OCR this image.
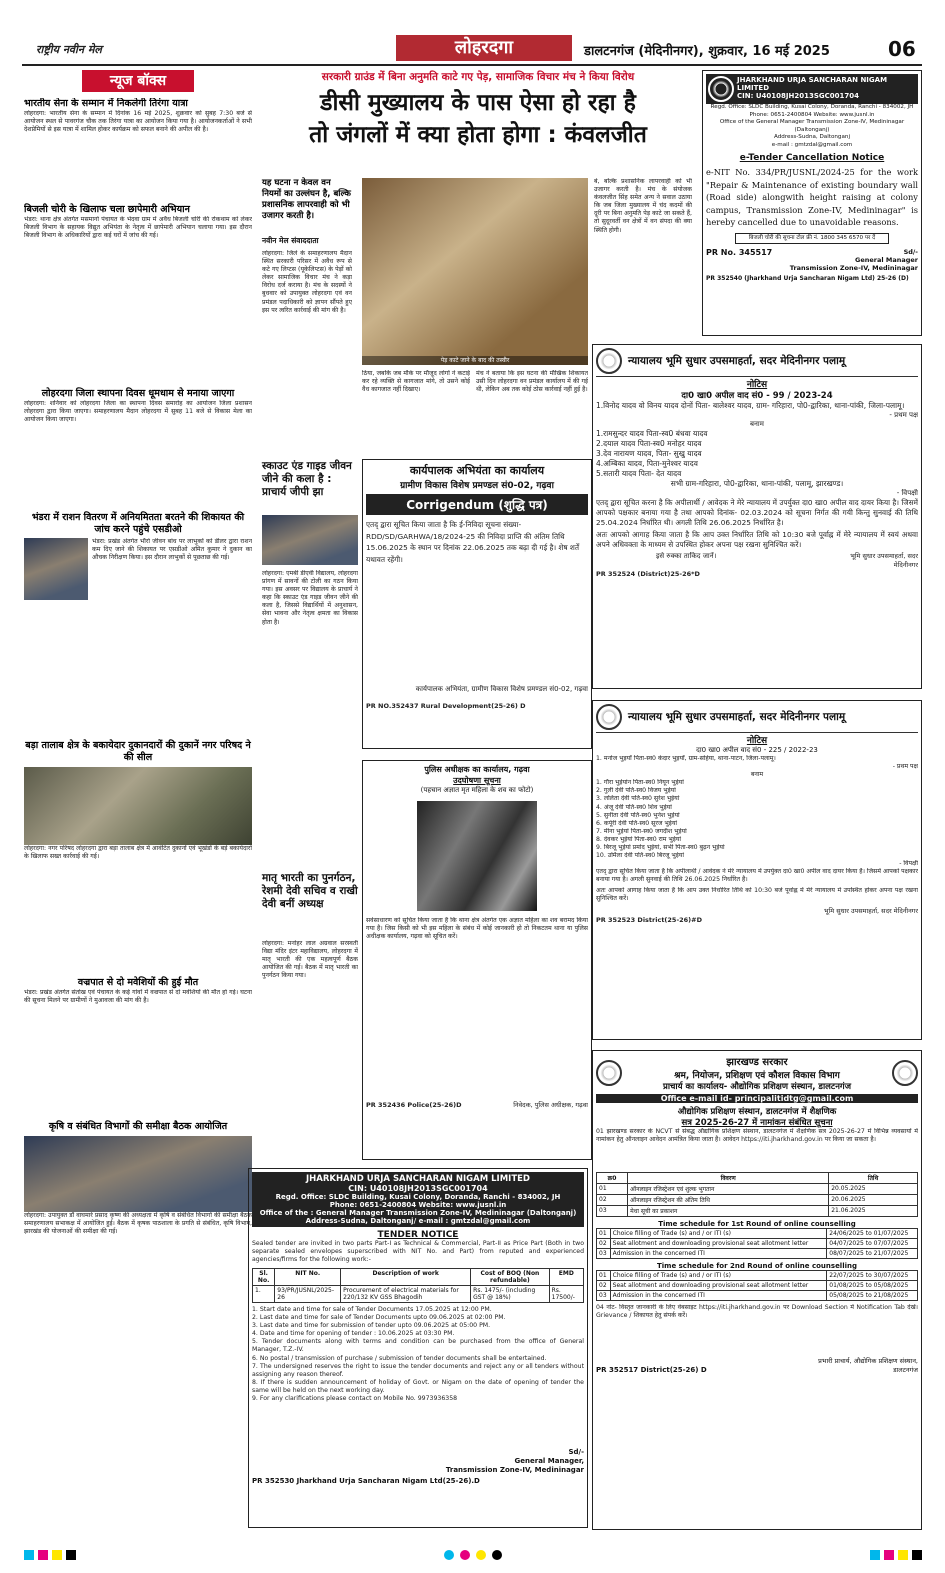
राष्ट्रीय नवीन मेल	लोहरदगा	डालटनगंज (मेदिनीनगर), शुक्रवार, 16 मई 2025	06
न्यूज बॉक्स
भारतीय सेना के सम्मान में निकलेगी तिरंगा यात्रा
लोहरदगा: भारतीय सेना के सम्मान में दिनांक 16 मई 2025, शुक्रवार को सुबह 7:30 बजे से आयोजन स्थल से पावरगंज चौक तक तिरंगा यात्रा का आयोजन किया गया है। आयोजनकर्ताओं ने सभी देशप्रेमियों से इस यात्रा में शामिल होकर कार्यक्रम को सफल बनाने की अपील की है।
बिजली चोरी के खिलाफ चला छापेमारी अभियान
भंडरा: थाना क्षेत्र अंतर्गत मसमानो पंचायत के भेदवा ग्राम में अवैध बिजली चोरी की रोकथाम को लेकर बिजली विभाग के सहायक विद्युत अभियंता के नेतृत्व में छापेमारी अभियान चलाया गया। इस दौरान बिजली विभाग के अधिकारियों द्वारा कई घरों में जांच की गई।
लोहरदगा जिला स्थापना दिवस धूमधाम से मनाया जाएगा
लोहरदगा: शनिवार को लोहरदगा जिला का स्थापना दिवस समारोह का आयोजन जिला प्रशासन लोहरदगा द्वारा किया जाएगा। समाहरणालय मैदान लोहरदगा में सुबह 11 बजे से विकास मेला का आयोजन किया जाएगा।
भंडरा में राशन वितरण में अनियमितता बरतने की शिकायत की जांच करने पहुंचे एसडीओ
भंडरा: प्रखंड अंतर्गत भौंरो जीवन बांध पर लाभुकों को डीलर द्वारा राशन कम दिए जाने की शिकायत पर एसडीओ अमित कुमार ने दुकान का औचक निरीक्षण किया। इस दौरान लाभुकों से पूछताछ की गई।
बड़ा तालाब क्षेत्र के बकायेदार दुकानदारों की दुकानें नगर परिषद ने की सील
लोहरदगा: नगर परिषद लोहरदगा द्वारा बड़ा तालाब क्षेत्र में आवंटित दुकानों एवं भूखंडों के बड़े बकायेदारों के खिलाफ सख्त कार्रवाई की गई।
वज्रपात से दो मवेशियों की हुई मौत
भंडरा: प्रखंड अंतर्गत संतोख एवं पंचायत के कई गांवों में वज्रपात से दो मवेशियों की मौत हो गई। घटना की सूचना मिलने पर ग्रामीणों ने मुआवजा की मांग की है।
कृषि व संबंधित विभागों की समीक्षा बैठक आयोजित
लोहरदगा: उपायुक्त डॉ वाघमारे प्रसाद कृष्ण की अध्यक्षता में कृषि व संबंधित विभागों की समीक्षा बैठक समाहरणालय सभाकक्ष में आयोजित हुई। बैठक में कृषक पाठशाला के प्रगति से संबंधित, कृषि विभाग, झारखंड की योजनाओं की समीक्षा की गई।
सरकारी ग्राउंड में बिना अनुमति काटे गए पेड़, सामाजिक विचार मंच ने किया विरोध
डीसी मुख्यालय के पास ऐसा हो रहा है
तो जंगलों में क्या होता होगा : कंवलजीत
यह घटना न केवल वन नियमों का उल्लंघन है, बल्कि प्रशासनिक लापरवाही को भी उजागर करती है।
नवीन मेल संवाददाता
लोहरदगा: जिले के समाहरणालय मैदान स्थित सरकारी परिसर में अवैध रूप से कटे गए लिप्टस (यूकेलिप्टस) के पेड़ों को लेकर सामाजिक विचार मंच ने कड़ा विरोध दर्ज कराया है। मंच के सदस्यों ने बुधवार को उपायुक्त लोहरदगा एवं वन प्रमंडल पदाधिकारी को ज्ञापन सौंपते हुए इस पर त्वरित कार्रवाई की मांग की है।
पेड़ काटे जाने के बाद की तस्वीर
बे, बल्कि प्रशासनिक लापरवाही को भी उजागर करती है। मंच के संयोजक कंवलजीत सिंह समेत अन्य ने सवाल उठाया कि जब जिला मुख्यालय में चंद कदमों की दूरी पर बिना अनुमति पेड़ काटे जा सकते हैं, तो सुदूरवर्ती वन क्षेत्रों में वन संपदा की क्या स्थिति होगी।
ठिया, जबकि जब मौके पर मौजूद लोगों ने कटाई कर रहे व्यक्ति से कागजात मांगे, तो उसने कोई वैध कागजात नहीं दिखाए।
मंच ने बताया कि इस घटना की मौखिक शिकायत उसी दिन लोहरदगा वन प्रमंडल कार्यालय में की गई थी, लेकिन अब तक कोई ठोस कार्रवाई नहीं हुई है।
स्काउट एंड गाइड जीवन जीने की कला है : प्राचार्य जीपी झा
लोहरदगा: एमबी डीएवी विद्यालय, लोहरदगा प्रांगण में सावनों की टोली का गठन किया गया। इस अवसर पर विद्यालय के प्राचार्य ने कहा कि स्काउट एंड गाइड जीवन जीने की कला है, जिससे विद्यार्थियों में अनुशासन, सेवा भावना और नेतृत्व क्षमता का विकास होता है।
मातृ भारती का पुनर्गठन, रेशमी देवी सचिव व राखी देवी बनीं अध्यक्ष
लोहरदगा: मनोहर लाल अग्रवाल सरस्वती विद्या मंदिर इंटर महाविद्यालय, लोहरदगा में मातृ भारती की एक महत्वपूर्ण बैठक आयोजित की गई। बैठक में मातृ भारती का पुनर्गठन किया गया।
कार्यपालक अभियंता का कार्यालय
ग्रामीण विकास विशेष प्रमण्डल सं0-02, गढ़वा
Corrigendum (शुद्धि पत्र)
एतद् द्वारा सूचित किया जाता है कि ई-निविदा सूचना संख्या-RDD/SD/GARHWA/18/2024-25 की निविदा प्राप्ति की अंतिम तिथि 15.06.2025 के स्थान पर दिनांक 22.06.2025 तक बढ़ा दी गई है। शेष शर्तें यथावत रहेंगी।
कार्यपालक अभियंता, ग्रामीण विकास विशेष प्रमण्डल सं0-02, गढ़वा
PR NO.352437 Rural Development(25-26) D
पुलिस अधीक्षक का कार्यालय, गढ़वा
उदघोषणा सूचना
(पहचान अज्ञात मृत महिला के शव का फोटो)
सर्वसाधारण को सूचित किया जाता है कि थाना क्षेत्र अंतर्गत एक अज्ञात महिला का शव बरामद किया गया है। जिस किसी को भी इस महिला के संबंध में कोई जानकारी हो तो निकटतम थाना या पुलिस अधीक्षक कार्यालय, गढ़वा को सूचित करें।
PR 352436 Police(25-26)D	निवेदक, पुलिस अधीक्षक, गढ़वा
JHARKHAND URJA SANCHARAN NIGAM LIMITED
CIN: U40108JH2013SGC001704
Regd. Office: SLDC Building, Kusai Colony, Doranda, Ranchi - 834002, JH
Phone: 0651-2400804 Website: www.jusnl.in
Office of the : General Manager Transmission Zone-IV, Medininagar (Daltonganj)
Address-Sudna, Daltonganj/ e-mail : gmtzdal@gmail.com
TENDER NOTICE
Sealed tender are invited in two parts Part-I as Technical & Commercial, Part-II as Price Part (Both in two separate sealed envelopes superscribed with NIT No. and Part) from reputed and experienced agencies/firms for the following work:-
Sl. No.	NIT No.	Description of work	Cost of BOQ (Non refundable)	EMD
1.	93/PR/JUSNL/2025-26	Procurement of electrical materials for 220/132 KV GSS Bhagodih	Rs. 1475/- (including GST @ 18%)	Rs. 17500/-
1. Start date and time for sale of Tender Documents 17.05.2025 at 12:00 PM.
2. Last date and time for sale of Tender Documents upto 09.06.2025 at 02:00 PM.
3. Last date and time for submission of tender upto 09.06.2025 at 05:00 PM.
4. Date and time for opening of tender : 10.06.2025 at 03:30 PM.
5. Tender documents along with terms and condition can be purchased from the office of General Manager, T.Z.-IV.
6. No postal / transmission of purchase / submission of tender documents shall be entertained.
7. The undersigned reserves the right to issue the tender documents and reject any or all tenders without assigning any reason thereof.
8. If there is sudden announcement of holiday of Govt. or Nigam on the date of opening of tender the same will be held on the next working day.
9. For any clarifications please contact on Mobile No. 9973936358
Sd/-
General Manager,
Transmission Zone-IV, Medininagar
PR 352530 Jharkhand Urja Sancharan Nigam Ltd(25-26).D
JHARKHAND URJA SANCHARAN NIGAM LIMITED
CIN: U40108JH2013SGC001704
Regd. Office: SLDC Building, Kusai Colony, Doranda, Ranchi - 834002, JH
Phone: 0651-2400804 Website: www.jusnl.in
Office of the General Manager Transmission Zone-IV, Medininagar (Daltonganj)
Address-Sudna, Daltonganj
e-mail : gmtzdal@gmail.com
e-Tender Cancellation Notice
e-NIT No. 334/PR/JUSNL/2024-25 for the work "Repair & Maintenance of existing boundary wall (Road side) alongwith height raising at colony campus, Transmission Zone-IV, Medininagar" is hereby cancelled due to unavoidable reasons.
बिजली चोरी की सूचना टोल फ्री नं. 1800 345 6570 पर दें
PR No. 345517	Sd/-
General Manager
Transmission Zone-IV, Medininagar
PR 352540 (Jharkhand Urja Sancharan Nigam Ltd) 25-26 (D)
न्यायालय भूमि सुधार उपसमाहर्ता, सदर मेदिनीनगर पलामू
नोटिस
दा0 खा0 अपील वाद सं0 - 99 / 2023-24
1.विनोद यादव वो विनय यादव दोनों पिता- बालेश्वर यादव, ग्राम- गरिहारा, पो0-द्वारिका, थाना-पांकी, जिला-पलामू।
- प्रथम पक्ष
बनाम
1.रामसुन्दर यादव पिता-स्व0 बंधवा यादव
2.दयाल यादव पिता-स्व0 मनोहर यादव
3.देव नारायण यादव, पिता- सुखु यादव
4.अम्बिका यादव, पिता-मुनेश्वर यादव
5.सतारी यादव पिता- देत यादव
सभी ग्राम-गरिहारा, पो0-द्वारिका, थाना-पांकी, पलामू, झारखण्ड।
- विपक्षी
एतद् द्वारा सूचित करना है कि अपीलार्थी / आवेदक ने मेरे न्यायालय में उपर्युक्त दा0 खा0 अपील वाद दायर किया है। जिसमें आपको पक्षकार बनाया गया है तथा आपको दिनांक- 02.03.2024 को सूचना निर्गत की गयी किन्तु सुनवाई की तिथि 25.04.2024 निर्धारित थी। अगली तिथि 26.06.2025 निर्धारित है।
अतः आपको आगाह किया जाता है कि आप उक्त निर्धारित तिथि को 10:30 बजे पूर्वाह्न में मेरे न्यायालय में स्वयं अथवा अपने अधिवक्ता के माध्यम से उपस्थित होकर अपना पक्ष रखना सुनिश्चित करें।
इसे रुक्का ताकिद जानें।	भूमि सुधार उपसमाहर्ता, सदर मेदिनीनगर
PR 352524 (District)25-26*D
न्यायालय भूमि सुधार उपसमाहर्ता, सदर मेदिनीनगर पलामू
नोटिस
दा0 खा0 अपील वाद सं0 - 225 / 2022-23
1. मनोज भुइयाँ पिता-स्व0 केदार भुइयाँ, ग्राम-सोहेया, थाना-पाटन, जिला-पलामू।
- प्रथम पक्ष
बनाम
1. गौरा भुईयांन पिता-स्व0 नियून भुईयां
2. गुली देवी पति-स्व0 विजय भुईयां
3. ललिता देवी पति-स्व0 सुरेश भुईयां
4. अंजू देवी पति-स्व0 शिव भुईयां
5. सुनीता देवी पति-स्व0 भुनेश भुईयां
6. कर्पूरी देवी पति-स्व0 सूरज भुईयां
7. मीना भुईयां पिता-स्व0 जगदीश भुईयां
8. देवकर भुईयां पिता-स्व0 राम भुईयां
9. बिरजू भुईयां प्रमोद भुईयां, सभी पिता-स्व0 बुढ़न भुईयां
10. उर्मिला देवी पति-स्व0 बिरजू भुईयां
- विपक्षी
एतद् द्वारा सूचित किया जाता है कि अपीलार्थी / आवेदक ने मेरे न्यायालय में उपर्युक्त दा0 खा0 अपील वाद दायर किया है। जिसमें आपको पक्षकार बनाया गया है। अगली सुनवाई की तिथि 26.06.2025 निर्धारित है।
अतः आपको आगाह किया जाता है कि आप उक्त निर्धारित तिथि को 10:30 बजे पूर्वाह्न में मेरे न्यायालय में उपस्थित होकर अपना पक्ष रखना सुनिश्चित करें।
भूमि सुधार उपसमाहर्ता, सदर मेदिनीनगर
PR 352523 District(25-26)#D
झारखण्ड सरकार
श्रम, नियोजन, प्रशिक्षण एवं कौशल विकास विभाग
प्राचार्य का कार्यालय- औद्योगिक प्रशिक्षण संस्थान, डालटनगंज
Office e-mail id- principalitidtg@gmail.com
औद्योगिक प्रशिक्षण संस्थान, डालटनगंज में शैक्षणिक
सत्र 2025-26-27 में नामांकन संबंधित सूचना
01 झारखण्ड सरकार के NCVT से संबद्ध औद्योगिक प्रशिक्षण संस्थान, डालटनगंज में शैक्षणिक सत्र 2025-26-27 में विभिन्न व्यवसायों में नामांकन हेतु ऑनलाइन आवेदन आमंत्रित किया जाता है। आवेदन https://iti.jharkhand.gov.in पर किया जा सकता है।
क्र0	विवरण	तिथि
01	ऑनलाइन रजिस्ट्रेशन एवं शुल्क भुगतान	20.05.2025
02	ऑनलाइन रजिस्ट्रेशन की अंतिम तिथि	20.06.2025
03	मेधा सूची का प्रकाशन	21.06.2025
Time schedule for 1st Round of online counselling
01	Choice filling of Trade (s) and / or ITI (s)	24/06/2025 to 01/07/2025
02	Seat allotment and downloading provisional seat allotment letter	04/07/2025 to 07/07/2025
03	Admission in the concerned ITI	08/07/2025 to 21/07/2025
Time schedule for 2nd Round of online counselling
01	Choice filling of Trade (s) and / or ITI (s)	22/07/2025 to 30/07/2025
02	Seat allotment and downloading provisional seat allotment letter	01/08/2025 to 05/08/2025
03	Admission in the concerned ITI	05/08/2025 to 21/08/2025
04 नोट- विस्तृत जानकारी के लिए वेबसाइट https://iti.jharkhand.gov.in पर Download Section में Notification Tab देखें। Grievance / शिकायत हेतु संपर्क करें।
PR 352517 District(25-26) D
प्रभारी प्राचार्य, औद्योगिक प्रशिक्षण संस्थान, डालटनगंज
